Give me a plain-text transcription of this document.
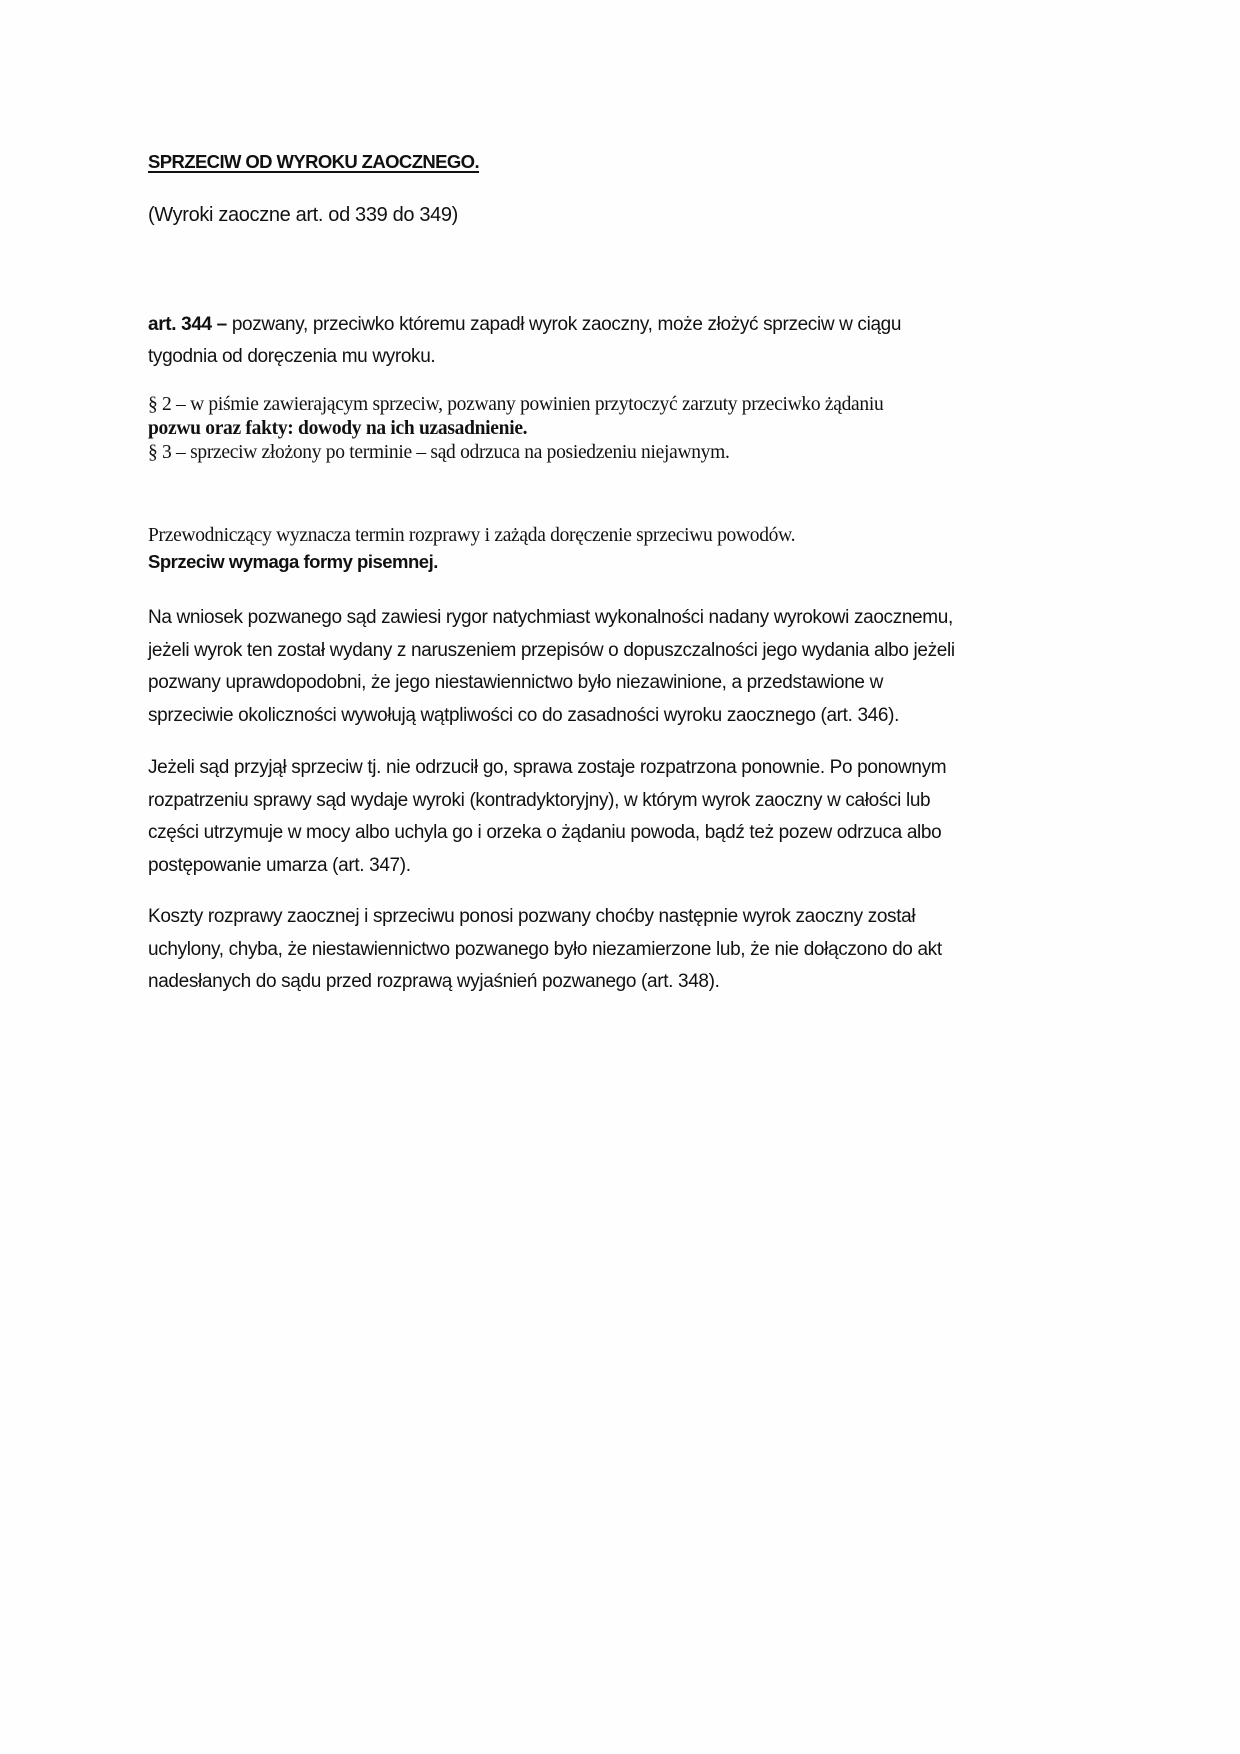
SPRZECIW OD WYROKU ZAOCZNEGO.
(Wyroki zaoczne art. od 339 do 349)
art. 344 – pozwany, przeciwko któremu zapadł wyrok zaoczny, może złożyć sprzeciw w ciągu
tygodnia od doręczenia mu wyroku.
§ 2 – w piśmie zawierającym sprzeciw, pozwany powinien przytoczyć zarzuty przeciwko żądaniu
pozwu oraz fakty: dowody na ich uzasadnienie.
§ 3 – sprzeciw złożony po terminie – sąd odrzuca na posiedzeniu niejawnym.
Przewodniczący wyznacza termin rozprawy i zażąda doręczenie sprzeciwu powodów.
Sprzeciw wymaga formy pisemnej.
Na wniosek pozwanego sąd zawiesi rygor natychmiast wykonalności nadany wyrokowi zaocznemu,
jeżeli wyrok ten został wydany z naruszeniem przepisów o dopuszczalności jego wydania albo jeżeli
pozwany uprawdopodobni, że jego niestawiennictwo było niezawinione, a przedstawione w
sprzeciwie okoliczności wywołują wątpliwości co do zasadności wyroku zaocznego (art. 346).
Jeżeli sąd przyjął sprzeciw tj. nie odrzucił go, sprawa zostaje rozpatrzona ponownie. Po ponownym
rozpatrzeniu sprawy sąd wydaje wyroki (kontradyktoryjny), w którym wyrok zaoczny w całości lub
części utrzymuje w mocy albo uchyla go i orzeka o żądaniu powoda, bądź też pozew odrzuca albo
postępowanie umarza (art. 347).
Koszty rozprawy zaocznej i sprzeciwu ponosi pozwany choćby następnie wyrok zaoczny został
uchylony, chyba, że niestawiennictwo pozwanego było niezamierzone lub, że nie dołączono do akt
nadesłanych do sądu przed rozprawą wyjaśnień pozwanego (art. 348).
